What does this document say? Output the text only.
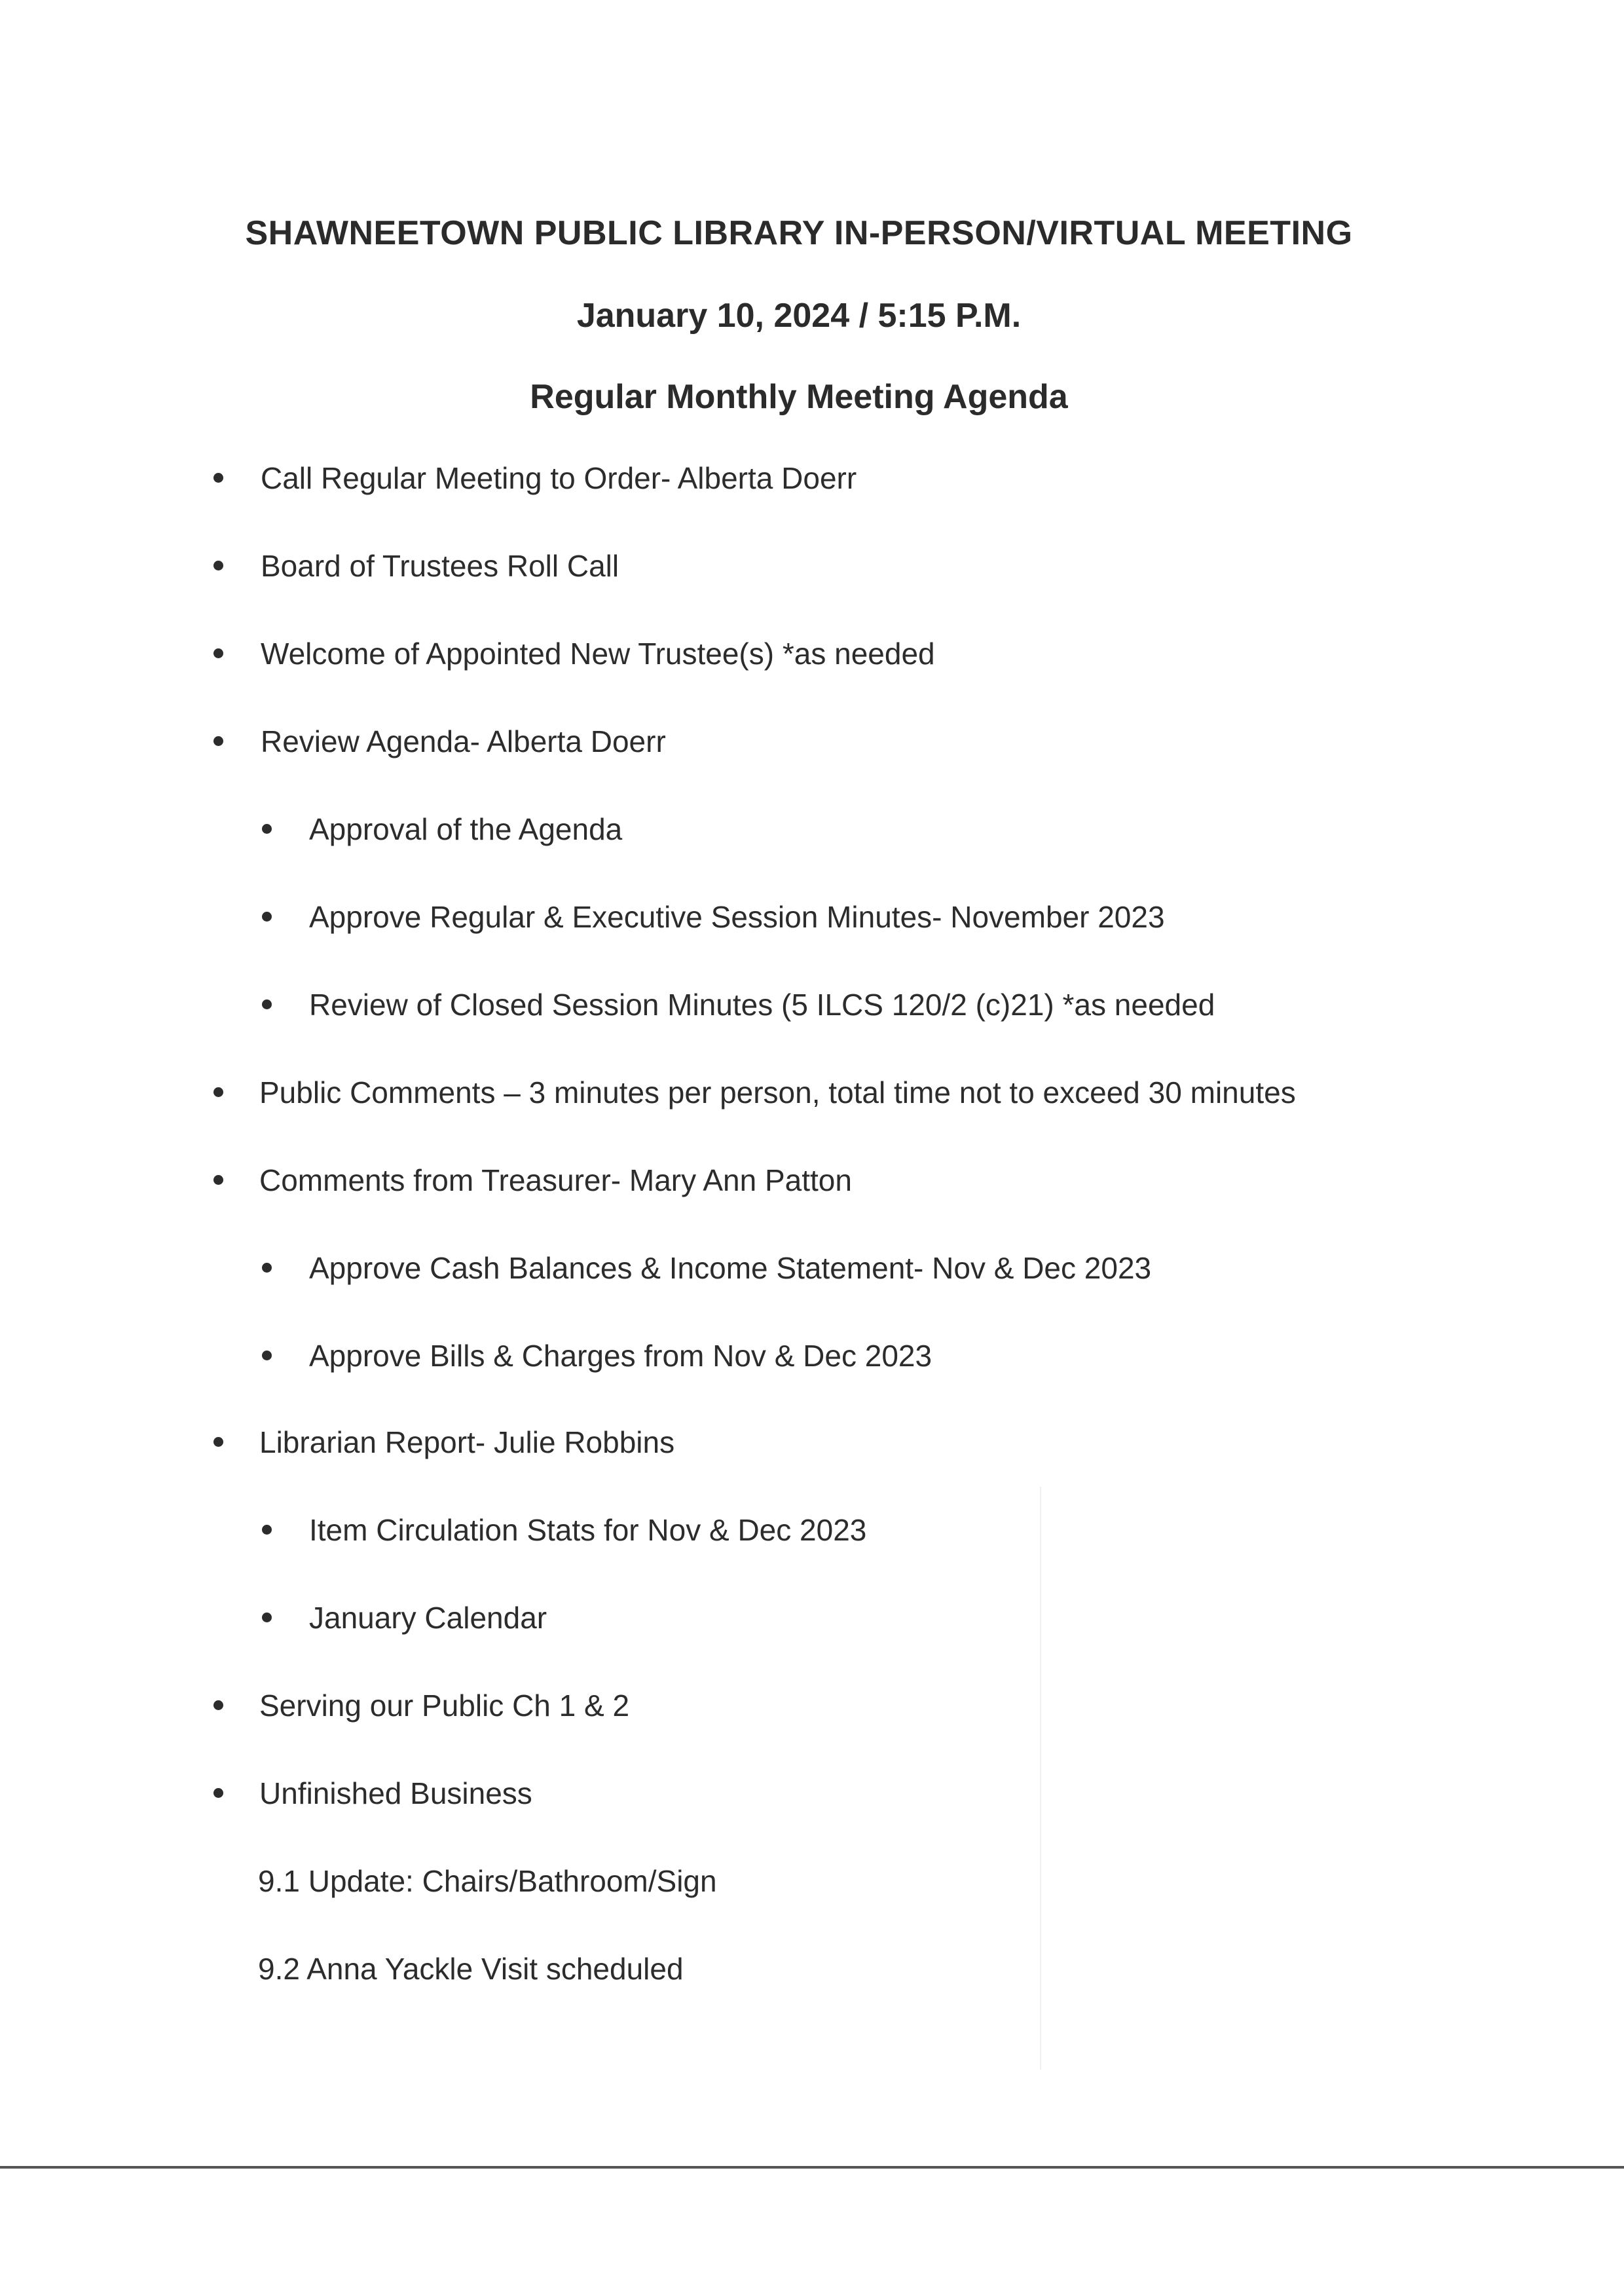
SHAWNEETOWN PUBLIC LIBRARY IN-PERSON/VIRTUAL MEETING
January 10, 2024 / 5:15 P.M.
Regular Monthly Meeting Agenda
Call Regular Meeting to Order- Alberta Doerr
Board of Trustees Roll Call
Welcome of Appointed New Trustee(s) *as needed
Review Agenda- Alberta Doerr
Approval of the Agenda
Approve Regular & Executive Session Minutes- November 2023
Review of Closed Session Minutes (5 ILCS 120/2 (c)21) *as needed
Public Comments – 3 minutes per person, total time not to exceed 30 minutes
Comments from Treasurer- Mary Ann Patton
Approve Cash Balances & Income Statement- Nov & Dec 2023
Approve Bills & Charges from Nov & Dec 2023
Librarian Report- Julie Robbins
Item Circulation Stats for Nov & Dec 2023
January Calendar
Serving our Public Ch 1 & 2
Unfinished Business
9.1 Update: Chairs/Bathroom/Sign
9.2 Anna Yackle Visit scheduled
